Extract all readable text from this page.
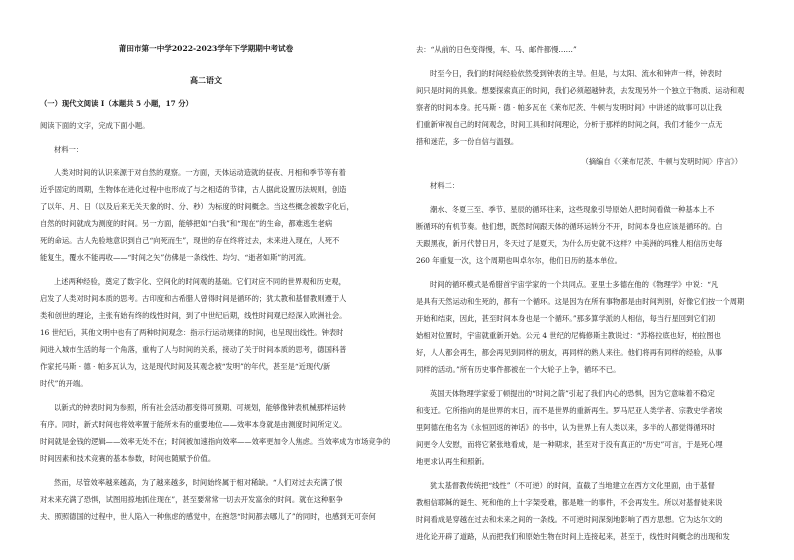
莆田市第一中学2022-2023学年下学期期中考试卷
高二语文
（一）现代文阅读 I（本题共 5 小题，17 分）
阅读下面的文字，完成下面小题。
材料一：
人类对时间的认识来源于对自然的观察。一方面，天体运动造就的昼夜、月相和季节等有着
近乎固定的周期，生物体在进化过程中也形成了与之相适的节律，古人据此设置历法规则，创造
了以年、月、日（以及后来无关天象的时、分、秒）为标度的时间概念。当这些概念被数字化后，
自然的时间就成为测度的时间。另一方面，能够把如“白我”和“现在”的生命，都难逃生老病
死的命运。古人先验地意识到自己“向死而生”，现世的存在终将过去，未来进入现在，人死不
能复生，覆水不能再收——“时间之矢”仿佛是一条线性、均匀、“逝者如斯”的河流。
上述两种经验，奠定了数字化、空间化的时间观的基础。它们对应不同的世界观和历史观，
启发了人类对时间本质的思考。古印度和古希腊人曾得时间是循环的；犹太教和基督教则遵于人
类和创世的理论，主张有始有终的线性时间，到了中世纪后期，线性时间观已经深入欧洲社会。
16 世纪后，其他文明中也有了两种时间观念：指示行运动规律的时间，也呈现出线性。钟表时
间进入城市生活的每一个角落，重构了人与时间的关系，接动了关于时间本质的思考，德国科普
作家托马斯 · 德 · 帕多瓦认为，这是现代时间及其观念被“发明”的年代，甚至是“近现代/新
时代”的开端。
以新式的钟表时间为参照，所有社会活动都变得可预期、可规划，能够像钟表机械那样运转
有序。同时，新式时间也将效率置于能所未有的重要地位——效率本身就是由测度时间所定义。
时间就是金钱的逻辑——效率无处不在；时间被加速指向效率——效率更加令人焦虑。当效率成为市场竞争的
时间因素和技术竞赛的基本参数，时间也随赋予价值。
然而，尽管效率越来越高，为了越来越多，时间始终属于相对稀缺。“人们对过去充满了恨
对未来充满了恐惧，试图用掠地抓住现在”，甚至要常常一切去开发富余的时间。就在这种驱争
夫、照照德国的过程中，世人陷入一种焦虑的感觉中，在抱怨“时间都去哪儿了”的同时，也感到无可奈何
去：“从前的日色变得慢，车、马、邮件都慢……”
时至今日，我们的时间经验依然受到钟表的主导。但是，与太阳、流水和钟声一样，钟表时
间只是时间的具象。想要探索真正的时间，我们必须超越钟表，去发现另外一个独立于物质、运动和观
察者的时间本身。托马斯 · 德 · 帕多瓦在《莱布尼茨、牛顿与发明时间》中讲述的故事可以让我
们重新审视自己的时间观念，时间工具和时间理论，分析于那样的时间之间，我们才能少一点无
措和迷茫，多一份自信与温强。
（摘编自《〈莱布尼茨、牛顿与发明时间〉序言》）
材料二：
潮水、冬夏三至、季节、星辰的循环往来，这些现象引导原始人把时间看做一种基本上不
断循环的有机节奏。他们想，既然时间跟天体的循环运转分不开，时间本身也应该是循环的。白
天跟黑夜，新月代替日月，冬天过了是夏天，为什么历史就不这样？中美洲的玛雅人相信历史每
260 年重复一次，这个周期也叫卓尔尔，他们日历的基本单位。
时间的循环模式是希腊首宇宙学家的一个共同点。亚里士多德在他的《物理学》中说：“凡
是具有天然运动和生死的，都有一个循环。这是因为在所有事物都是由时间判别，好像它们按一个周期
开始和结束，因此，甚至时间本身也是一个循环。”那多算学派的人相信，每当行星回到它们初
始相对位置时，宇宙就重新开始。公元 4 世纪的尼梅修斯主教说过：“苏格拉底也好，柏拉图也
好，人人都会再生，都会再见到同样的朋友，再同样的熟人来往。他们将再有同样的经验，从事
同样的活动。”所有历史事件都被在一个大轮子上争，循环不已。
英国天体物理学家爱丁顿提出的“时间之箭”引起了我们内心的恐惧，因为它意味着不稳定
和变迁。它所指向的是世界的末日，而不是世界的重新再生。罗马尼亚人类学者、宗教史学者埃
里阿德在他名为《永恒回返的神话》的书中，认为世界上有人类以来，多半的人都觉得循环时
间更令人安慰，而将它紧张地看成，是一种期求，甚至对于没有真正的“历史”可言，于是死心埋
地更求认再生和照新。
犹太基督教传统把“线性”（不可逆）的时间，直截了当地建立在西方文化里面，由于基督
教相信耶稣的诞生、死和他的上十字架受难，都是唯一的事件，不会再发生。所以对基督徒来说
时间看成是穿越在过去和未来之间的一条线。不可逆时间深刻地影响了西方思想。它为达尔文的
进化论开辟了道路，从而把我们和原始生物在时间上连接起来，甚至于，线性时间概念的出现和发
